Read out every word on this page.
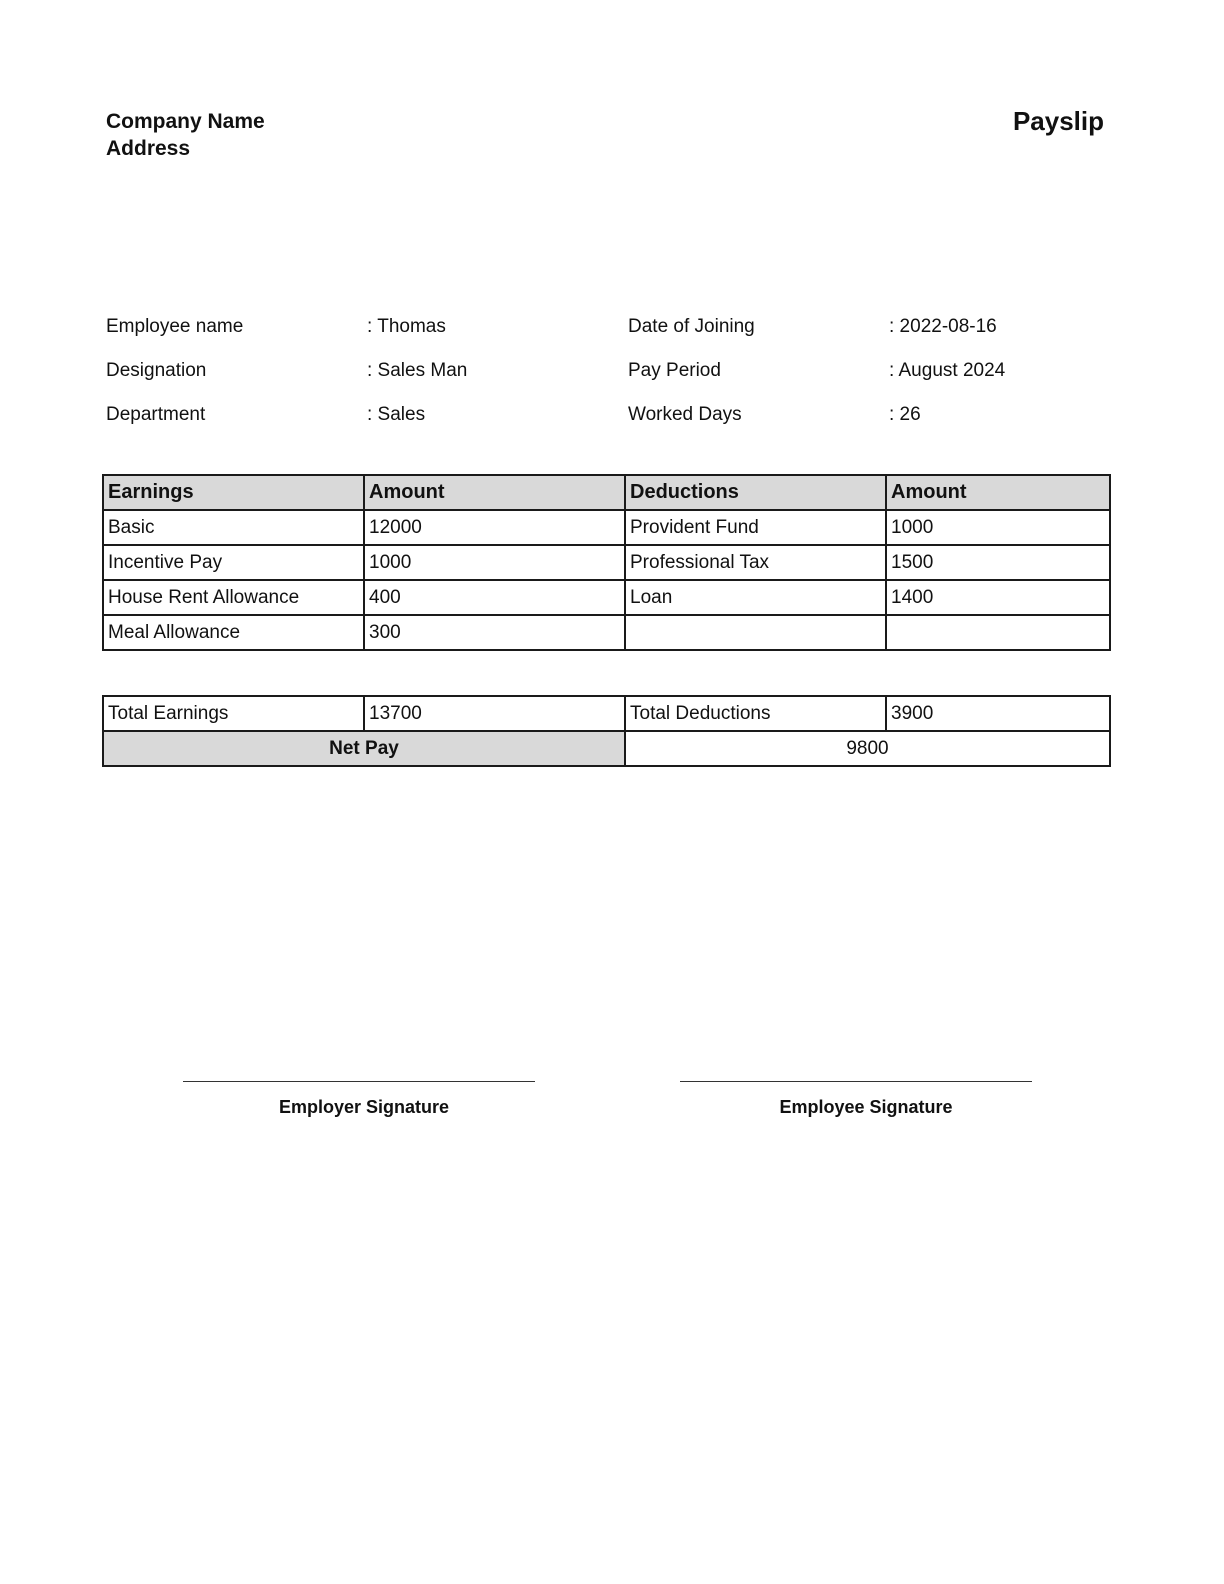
Company Name
Address
Payslip
Employee name	: Thomas	Date of Joining	: 2022-08-16
Designation	: Sales Man	Pay Period	: August 2024
Department	: Sales	Worked Days	: 26
Earnings	Amount	Deductions	Amount
Basic	12000	Provident Fund	1000
Incentive Pay	1000	Professional Tax	1500
House Rent Allowance	400	Loan	1400
Meal Allowance	300		
Total Earnings	13700	Total Deductions	3900
Net Pay		9800	
Employer Signature	Employee Signature
